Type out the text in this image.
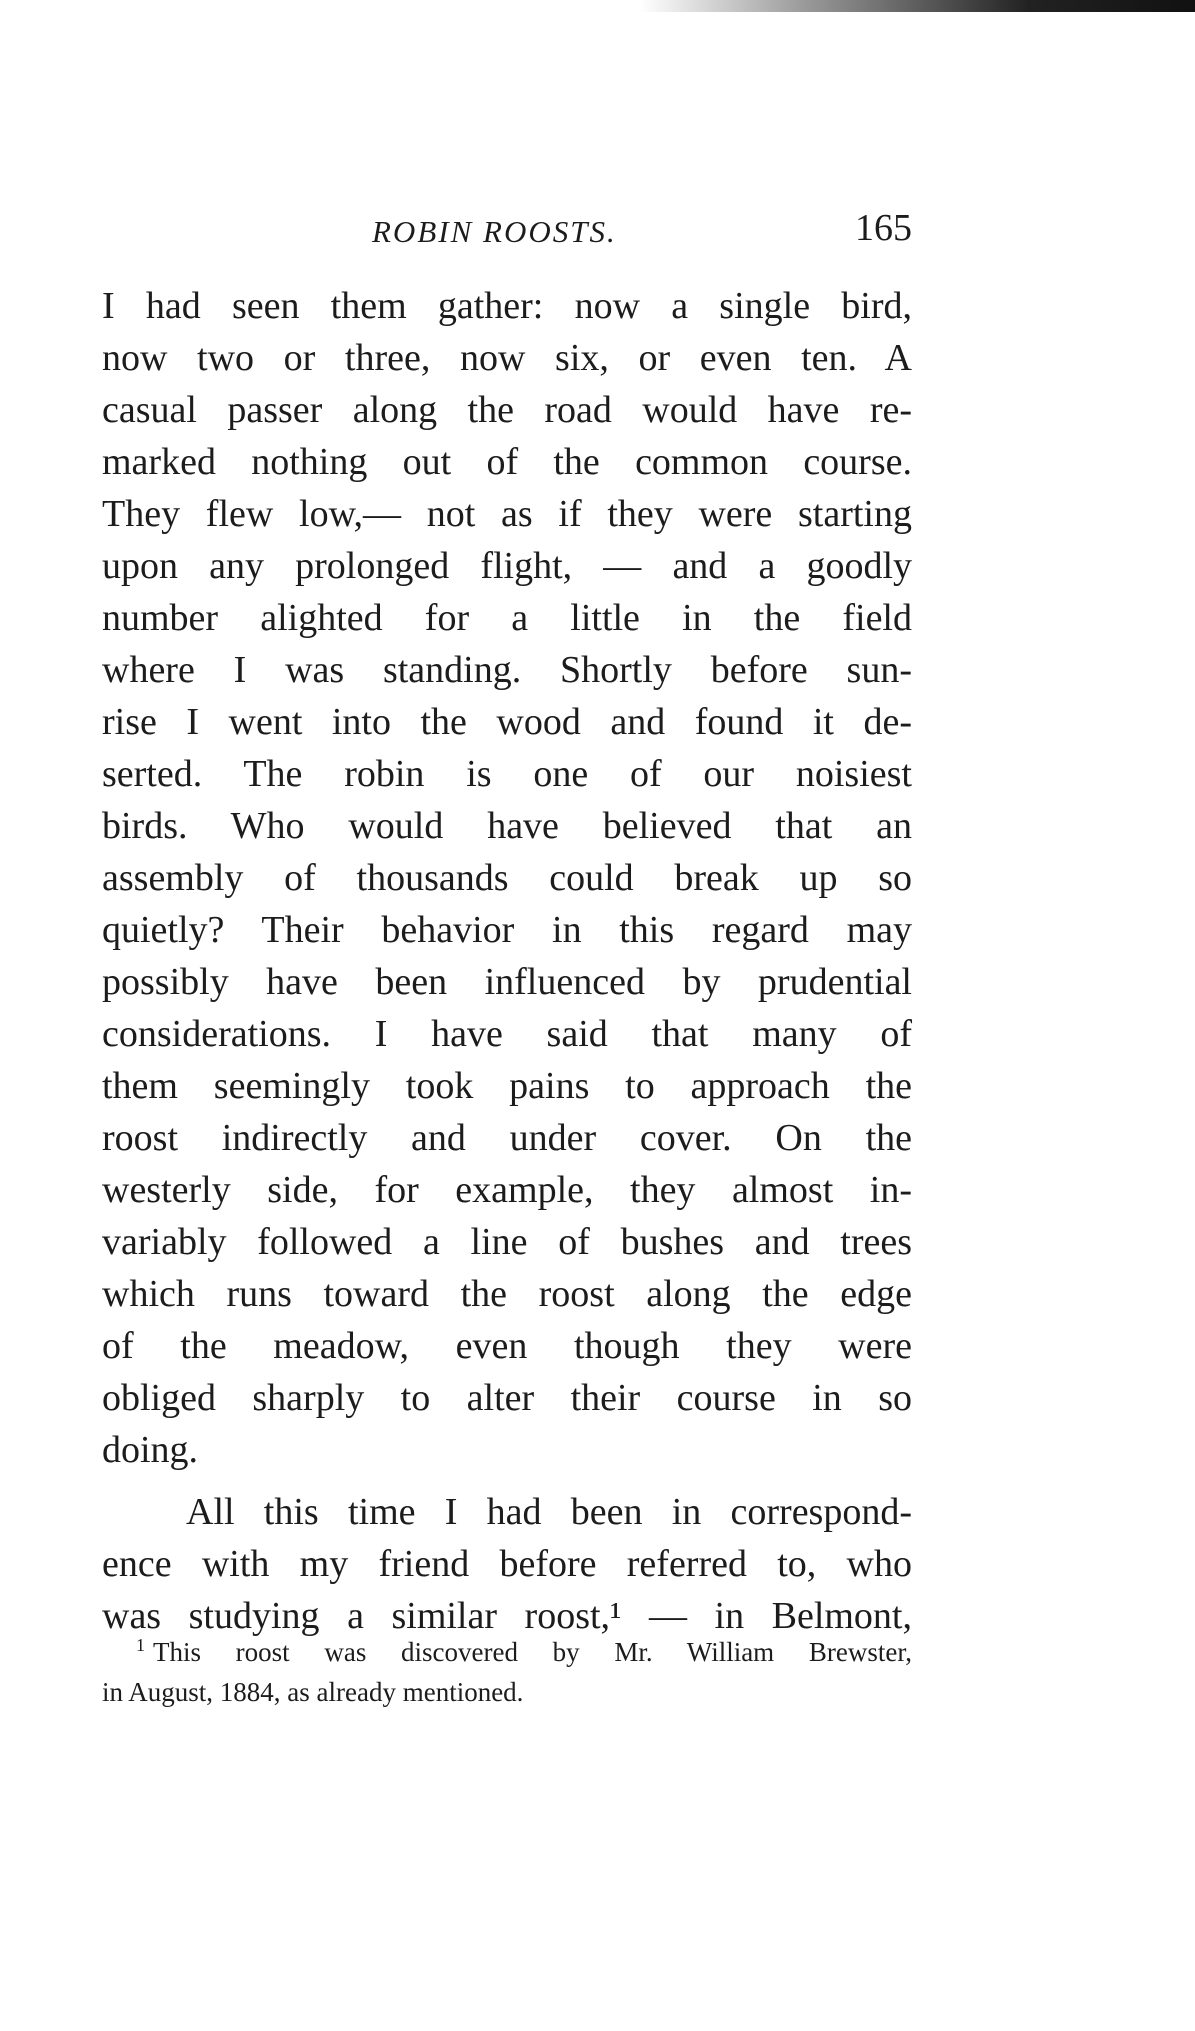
ROBIN ROOSTS.	165
I had seen them gather: now a single bird,
now two or three, now six, or even ten. A
casual passer along the road would have re-
marked nothing out of the common course.
They flew low,— not as if they were starting
upon any prolonged flight, — and a goodly
number alighted for a little in the field
where I was standing. Shortly before sun-
rise I went into the wood and found it de-
serted. The robin is one of our noisiest
birds. Who would have believed that an
assembly of thousands could break up so
quietly? Their behavior in this regard may
possibly have been influenced by prudential
considerations. I have said that many of
them seemingly took pains to approach the
roost indirectly and under cover. On the
westerly side, for example, they almost in-
variably followed a line of bushes and trees
which runs toward the roost along the edge
of the meadow, even though they were
obliged sharply to alter their course in so
doing.
All this time I had been in correspond-
ence with my friend before referred to, who
was studying a similar roost,¹ — in Belmont,
$^1$ This roost was discovered by Mr. William Brewster,
in August, 1884, as already mentioned.
